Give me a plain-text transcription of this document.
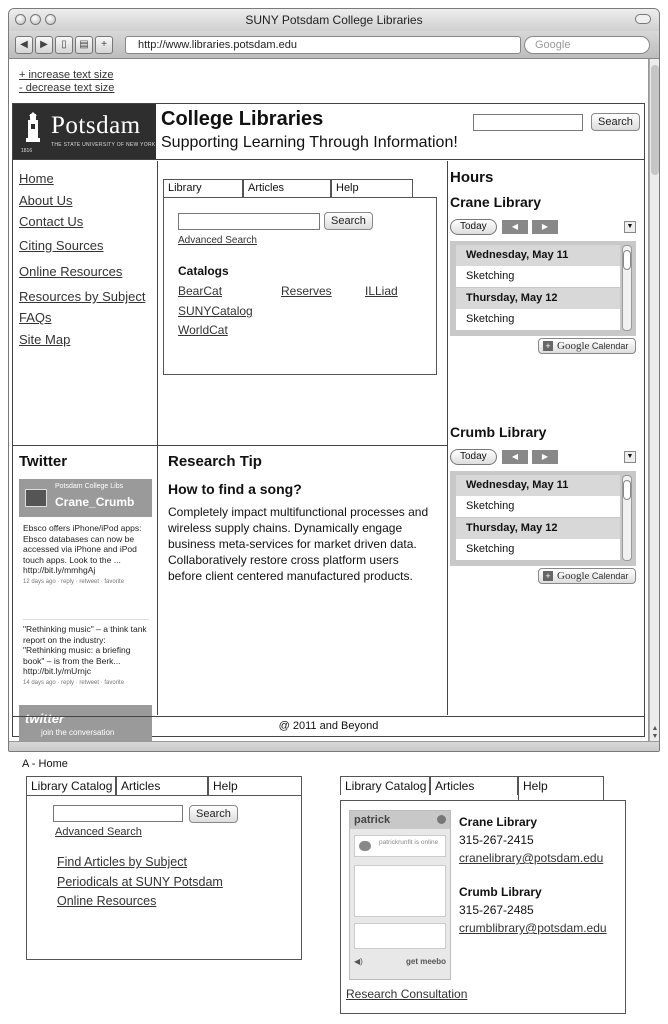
SUNY Potsdam College Libraries
◀	▶	▯	▤	+	http://www.libraries.potsdam.edu	Google
+ increase text size
- decrease text size
Potsdam
THE STATE UNIVERSITY OF NEW YORK
1816
College Libraries
Supporting Learning Through Information!
Search
Home
About Us
Contact Us
Citing Sources
Online Resources
Resources by Subject
FAQs
Site Map
Library	Articles	Help
Search
Advanced Search
Catalogs
BearCat	Reserves	ILLiad
SUNYCatalog
WorldCat
Twitter
Potsdam College Libs
Crane_Crumb
Ebsco offers iPhone/iPod apps: Ebsco databases can now be accessed via iPhone and iPod touch apps. Look to the ... http://bit.ly/mmhgAj
12 days ago · reply · retweet · favorite
"Rethinking music" – a think tank report on the industry: "Rethinking music: a briefing book" – is from the Berk... http://bit.ly/mUrnjc
14 days ago · reply · retweet · favorite
twitter
join the conversation
Research Tip
How to find a song?
Completely impact multifunctional processes and wireless supply chains. Dynamically engage business meta-services for market driven data. Collaboratively restore cross platform users before client centered manufactured products.
Hours
Crane Library
Today	◀	▶	▼
Wednesday, May 11
Sketching
Thursday, May 12
Sketching
+ Google Calendar
Crumb Library
Today	◀	▶	▼
Wednesday, May 11
Sketching
Thursday, May 12
Sketching
+ Google Calendar
@ 2011 and Beyond	▲
▼
A - Home
Library Catalog Articles	Help
Search
Advanced Search
Find Articles by Subject
Periodicals at SUNY Potsdam
Online Resources
Library Catalog Articles	Help
patrick
patrickrunfit is online
◀)	get meebo
Crane Library
315-267-2415
cranelibrary@potsdam.edu
Crumb Library
315-267-2485
crumblibrary@potsdam.edu
Research Consultation
